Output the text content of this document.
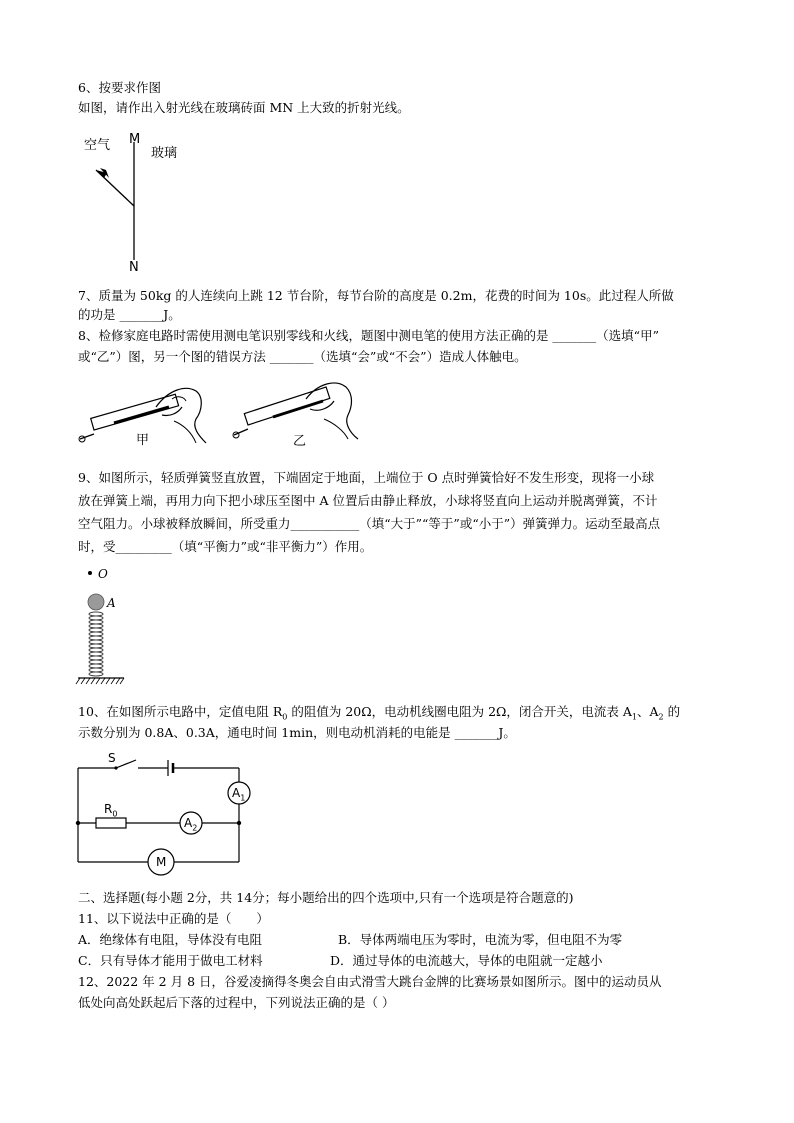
6、按要求作图
如图，请作出入射光线在玻璃砖面 MN 上大致的折射光线。
空气 M
玻璃
N
7、质量为 50kg 的人连续向上跳 12 节台阶，每节台阶的高度是 0.2m，花费的时间为 10s。此过程人所做
的功是 _______J。
8、检修家庭电路时需使用测电笔识别零线和火线，题图中测电笔的使用方法正确的是 _______（选填“甲”
或“乙”）图，另一个图的错误方法 _______（选填“会”或“不会”）造成人体触电。
甲	乙
9、如图所示，轻质弹簧竖直放置，下端固定于地面，上端位于 O 点时弹簧恰好不发生形变，现将一小球
放在弹簧上端，再用力向下把小球压至图中 A 位置后由静止释放，小球将竖直向上运动并脱离弹簧，不计
空气阻力。小球被释放瞬间，所受重力___________（填“大于”“等于”或“小于”）弹簧弹力。运动至最高点
时，受_________（填“平衡力”或“非平衡力”）作用。
O
A
10、在如图所示电路中，定值电阻 $R_0$ 的阻值为 20Ω，电动机线圈电阻为 2Ω，闭合开关，电流表 $A_1$、$A_2$ 的
示数分别为 0.8A、0.3A，通电时间 1min，则电动机消耗的电能是 _______J。
S
$R_0$
$A_1$
$A_2$
M
二、选择题(每小题 2分，共 14分；每小题给出的四个选项中,只有一个选项是符合题意的)
11、以下说法中正确的是（　　）
A．绝缘体有电阻，导体没有电阻	B．导体两端电压为零时，电流为零，但电阻不为零
C．只有导体才能用于做电工材料	D．通过导体的电流越大，导体的电阻就一定越小
12、2022 年 2 月 8 日，谷爱凌摘得冬奥会自由式滑雪大跳台金牌的比赛场景如图所示。图中的运动员从
低处向高处跃起后下落的过程中，下列说法正确的是（ ）
